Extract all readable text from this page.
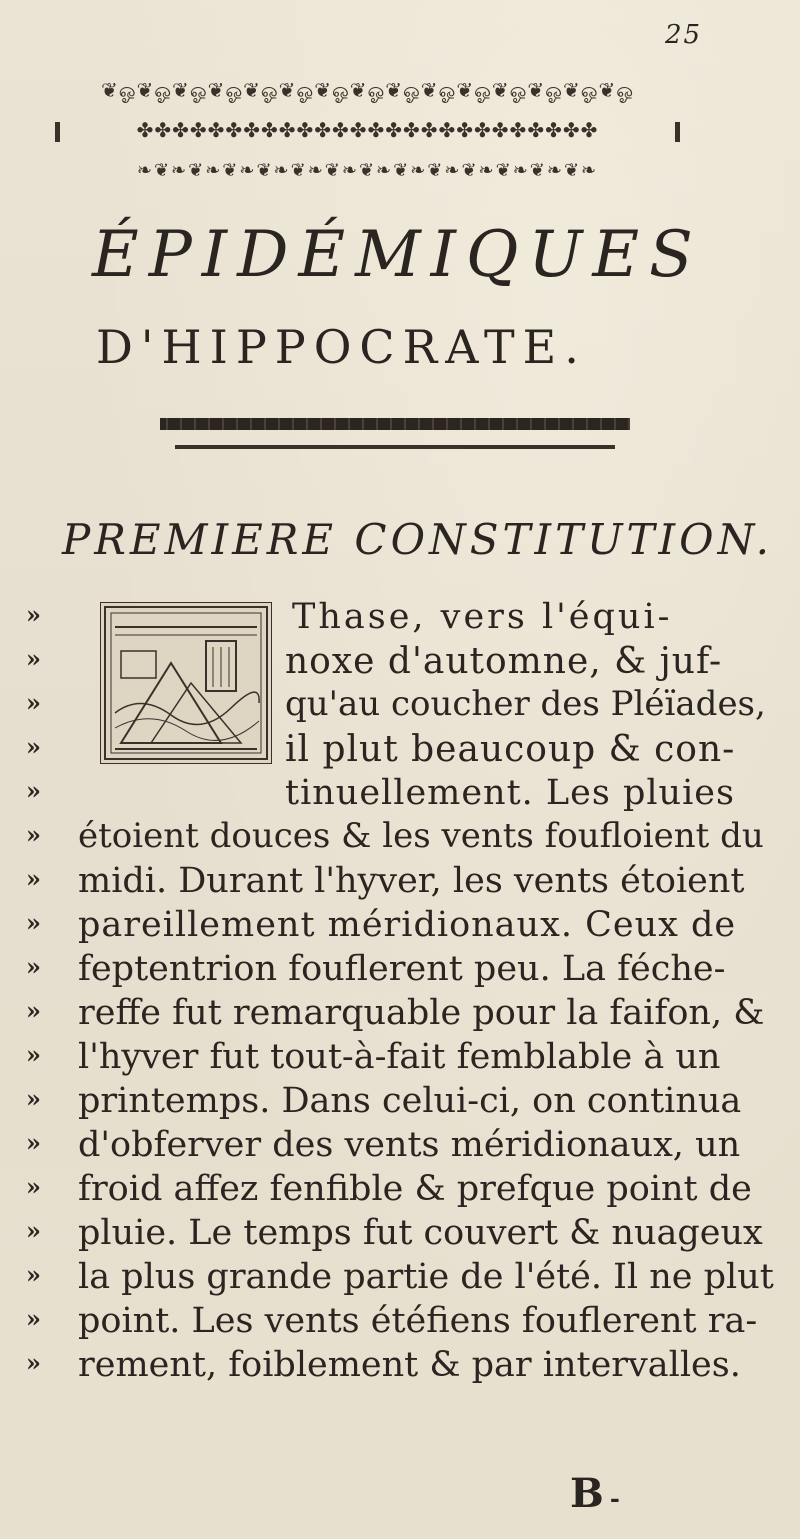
25
❦ஓ❦ஓ❦ஓ❦ஓ❦ஓ❦ஓ❦ஓ❦ஓ❦ஓ❦ஓ❦ஓ❦ஓ❦ஓ❦ஓ❦ஓ
✤✤✤✤✤✤✤✤✤✤✤✤✤✤✤✤✤✤✤✤✤✤✤✤✤✤
❧❦❧❦❧❦❧❦❧❦❧❦❧❦❧❦❧❦❧❦❧❦❧❦❧❦❧
ÉPIDÉMIQUES
D'HIPPOCRATE.
PREMIERE CONSTITUTION.
»
»
»
»
»
»
»
»
»
»
»
»
»
»
»
»
»
»
Thase, vers l'équi-
noxe d'automne, & juf-
qu'au coucher des Pléïades,
il plut beaucoup & con-
tinuellement. Les pluies
étoient douces & les vents foufloient du
midi. Durant l'hyver, les vents étoient
pareillement méridionaux. Ceux de
feptentrion fouflerent peu. La féche-
reffe fut remarquable pour la faifon, &
l'hyver fut tout-à-fait femblable à un
printemps. Dans celui-ci, on continua
d'obferver des vents méridionaux, un
froid affez fenfible & prefque point de
pluie. Le temps fut couvert & nuageux
la plus grande partie de l'été. Il ne plut
point. Les vents étéfiens fouflerent ra-
rement, foiblement & par intervalles.
B -
